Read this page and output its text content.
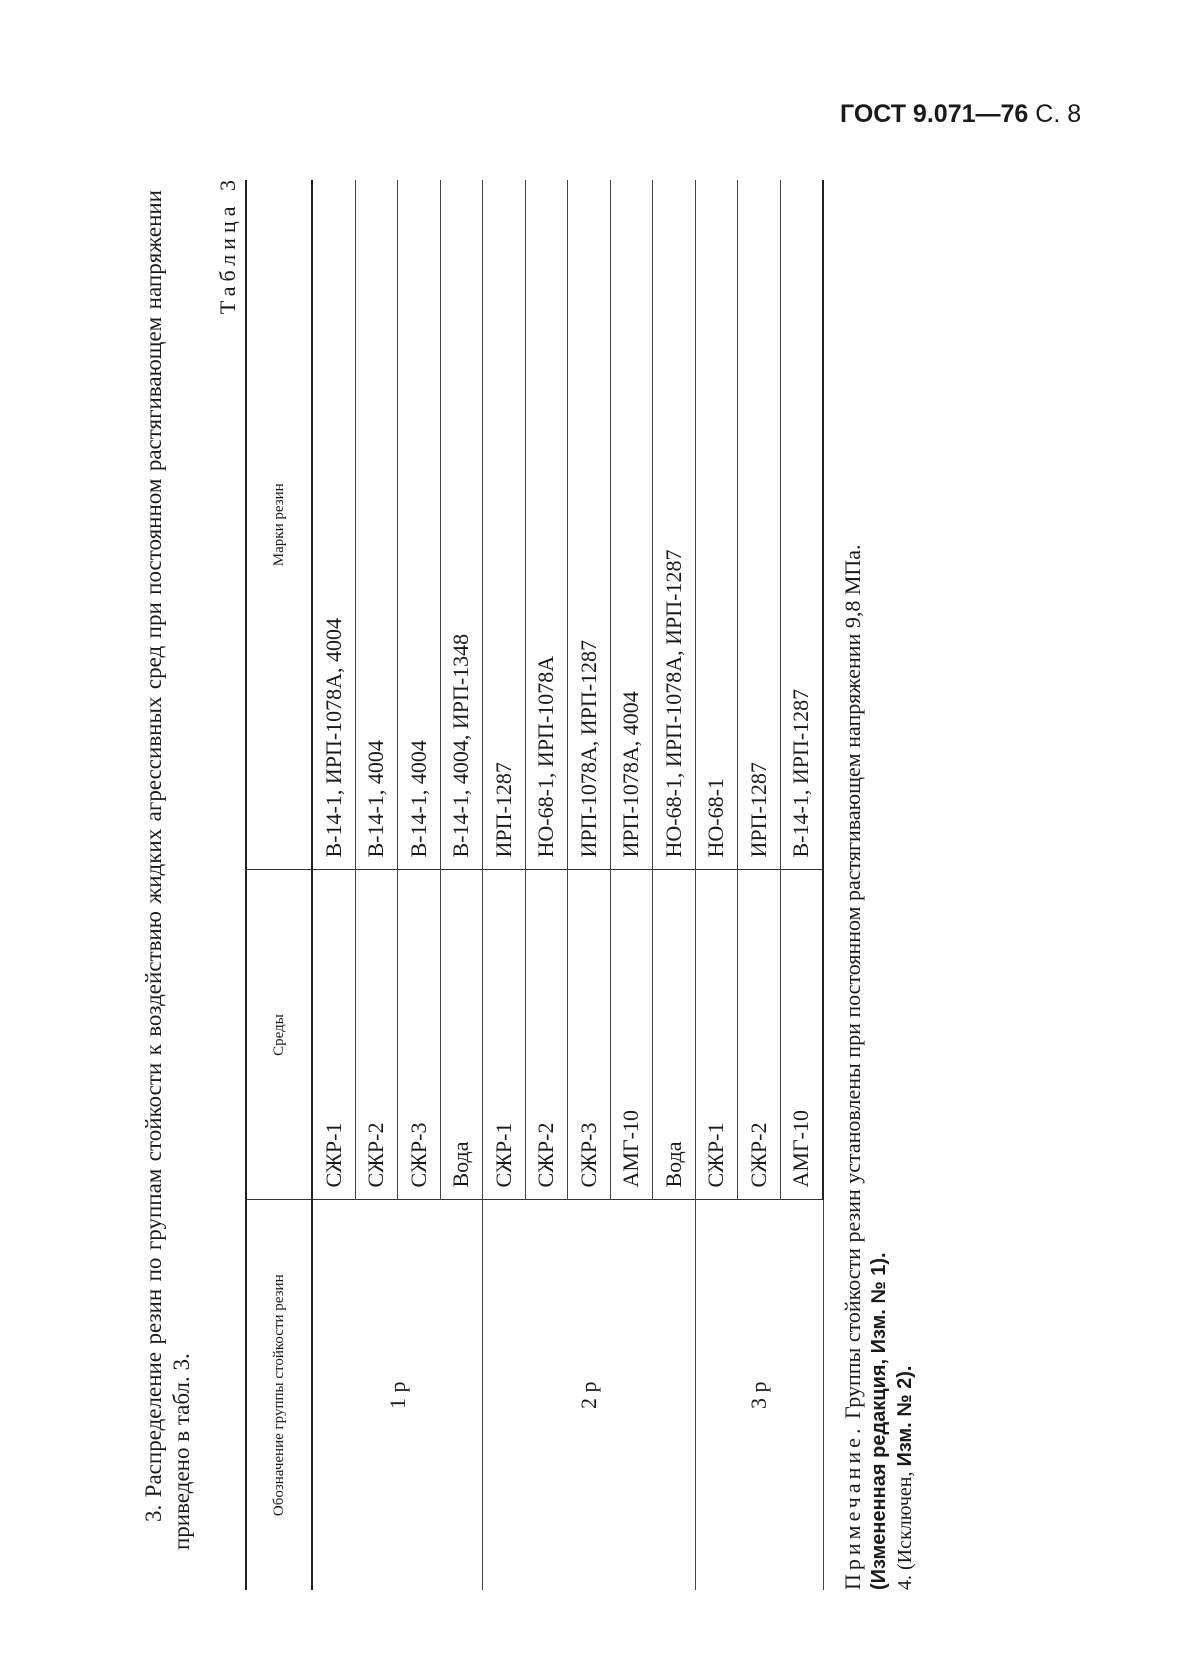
ГОСТ 9.071—76 С. 8

3. Распределение резин по группам стойкости к воздействию жидких агрессивных сред при постоянном растягивающем напряжении приведено в табл. 3.

Таблица 3
Обозначение группы стойкости резин	Среды	Марки резин
1 р	СЖР-1	В-14-1, ИРП-1078А, 4004
	СЖР-2	В-14-1, 4004
	СЖР-3	В-14-1, 4004
	Вода	В-14-1, 4004, ИРП-1348
2 р	СЖР-1	ИРП-1287
	СЖР-2	НО-68-1, ИРП-1078А
	СЖР-3	ИРП-1078А, ИРП-1287
	АМГ-10	ИРП-1078А, 4004
	Вода	НО-68-1, ИРП-1078А, ИРП-1287
3 р	СЖР-1	НО-68-1
	СЖР-2	ИРП-1287
	АМГ-10	В-14-1, ИРП-1287

Примечание. Группы стойкости резин установлены при постоянном растягивающем напряжении 9,8 МПа.

(Измененная редакция, Изм. № 1). 4. (Исключен, Изм. № 2).
